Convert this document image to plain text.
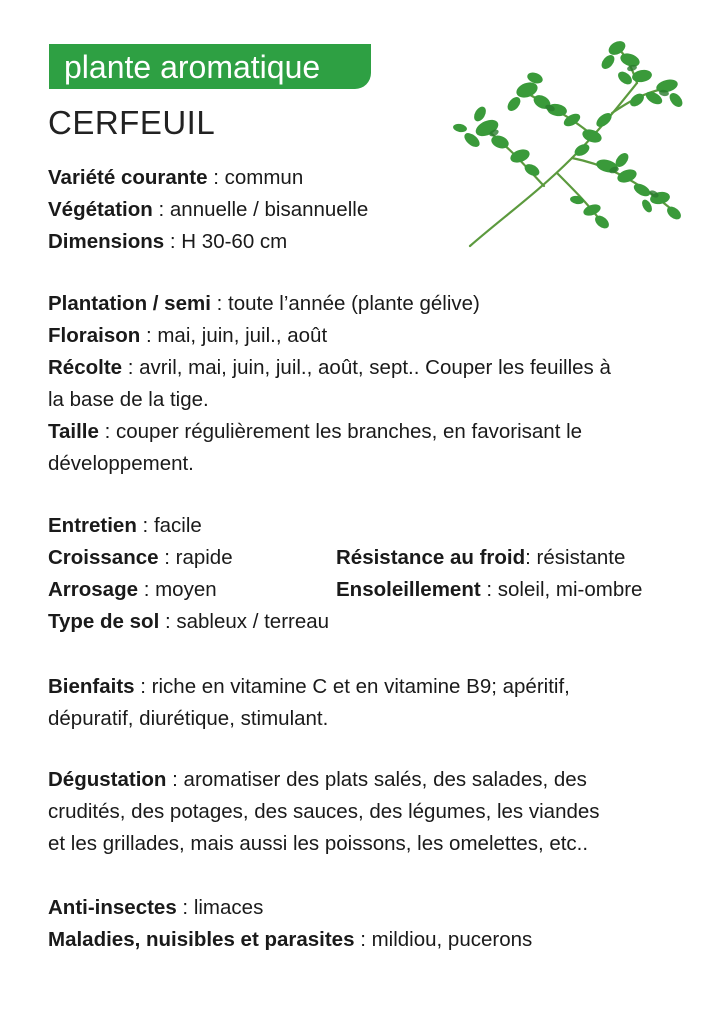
plante aromatique
CERFEUIL
Variété courante : commun
Végétation : annuelle / bisannuelle
Dimensions : H 30-60 cm
Plantation / semi : toute l’année (plante gélive)
Floraison : mai, juin, juil., août
Récolte : avril, mai, juin, juil., août, sept.. Couper les feuilles à
la base de la tige.
Taille : couper régulièrement les branches, en favorisant le
développement.
Entretien : facile
Croissance : rapide	Résistance au froid: résistante
Arrosage : moyen	Ensoleillement : soleil, mi-ombre
Type de sol : sableux / terreau
Bienfaits : riche en vitamine C et en vitamine B9; apéritif,
dépuratif, diurétique, stimulant.
Dégustation : aromatiser des plats salés, des salades, des
crudités, des potages, des sauces, des légumes, les viandes
et les grillades, mais aussi les poissons, les omelettes, etc..
Anti-insectes : limaces
Maladies, nuisibles et parasites : mildiou, pucerons
